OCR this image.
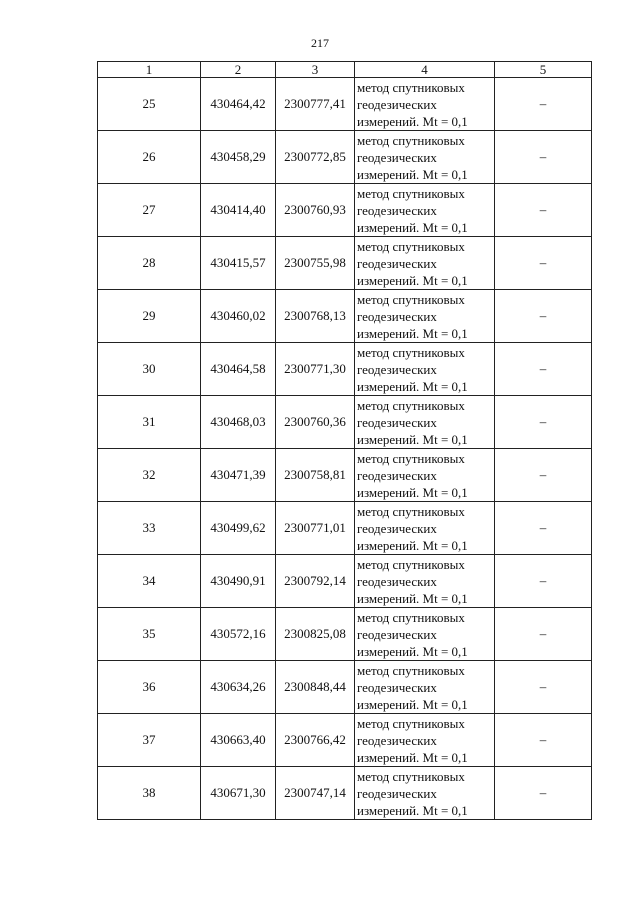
217
1	2	3	4	5
25	430464,42	2300777,41	метод спутниковых
геодезических
измерений. Mt = 0,1	–
26	430458,29	2300772,85	метод спутниковых
геодезических
измерений. Mt = 0,1	–
27	430414,40	2300760,93	метод спутниковых
геодезических
измерений. Mt = 0,1	–
28	430415,57	2300755,98	метод спутниковых
геодезических
измерений. Mt = 0,1	–
29	430460,02	2300768,13	метод спутниковых
геодезических
измерений. Mt = 0,1	–
30	430464,58	2300771,30	метод спутниковых
геодезических
измерений. Mt = 0,1	–
31	430468,03	2300760,36	метод спутниковых
геодезических
измерений. Mt = 0,1	–
32	430471,39	2300758,81	метод спутниковых
геодезических
измерений. Mt = 0,1	–
33	430499,62	2300771,01	метод спутниковых
геодезических
измерений. Mt = 0,1	–
34	430490,91	2300792,14	метод спутниковых
геодезических
измерений. Mt = 0,1	–
35	430572,16	2300825,08	метод спутниковых
геодезических
измерений. Mt = 0,1	–
36	430634,26	2300848,44	метод спутниковых
геодезических
измерений. Mt = 0,1	–
37	430663,40	2300766,42	метод спутниковых
геодезических
измерений. Mt = 0,1	–
38	430671,30	2300747,14	метод спутниковых
геодезических
измерений. Mt = 0,1	–
